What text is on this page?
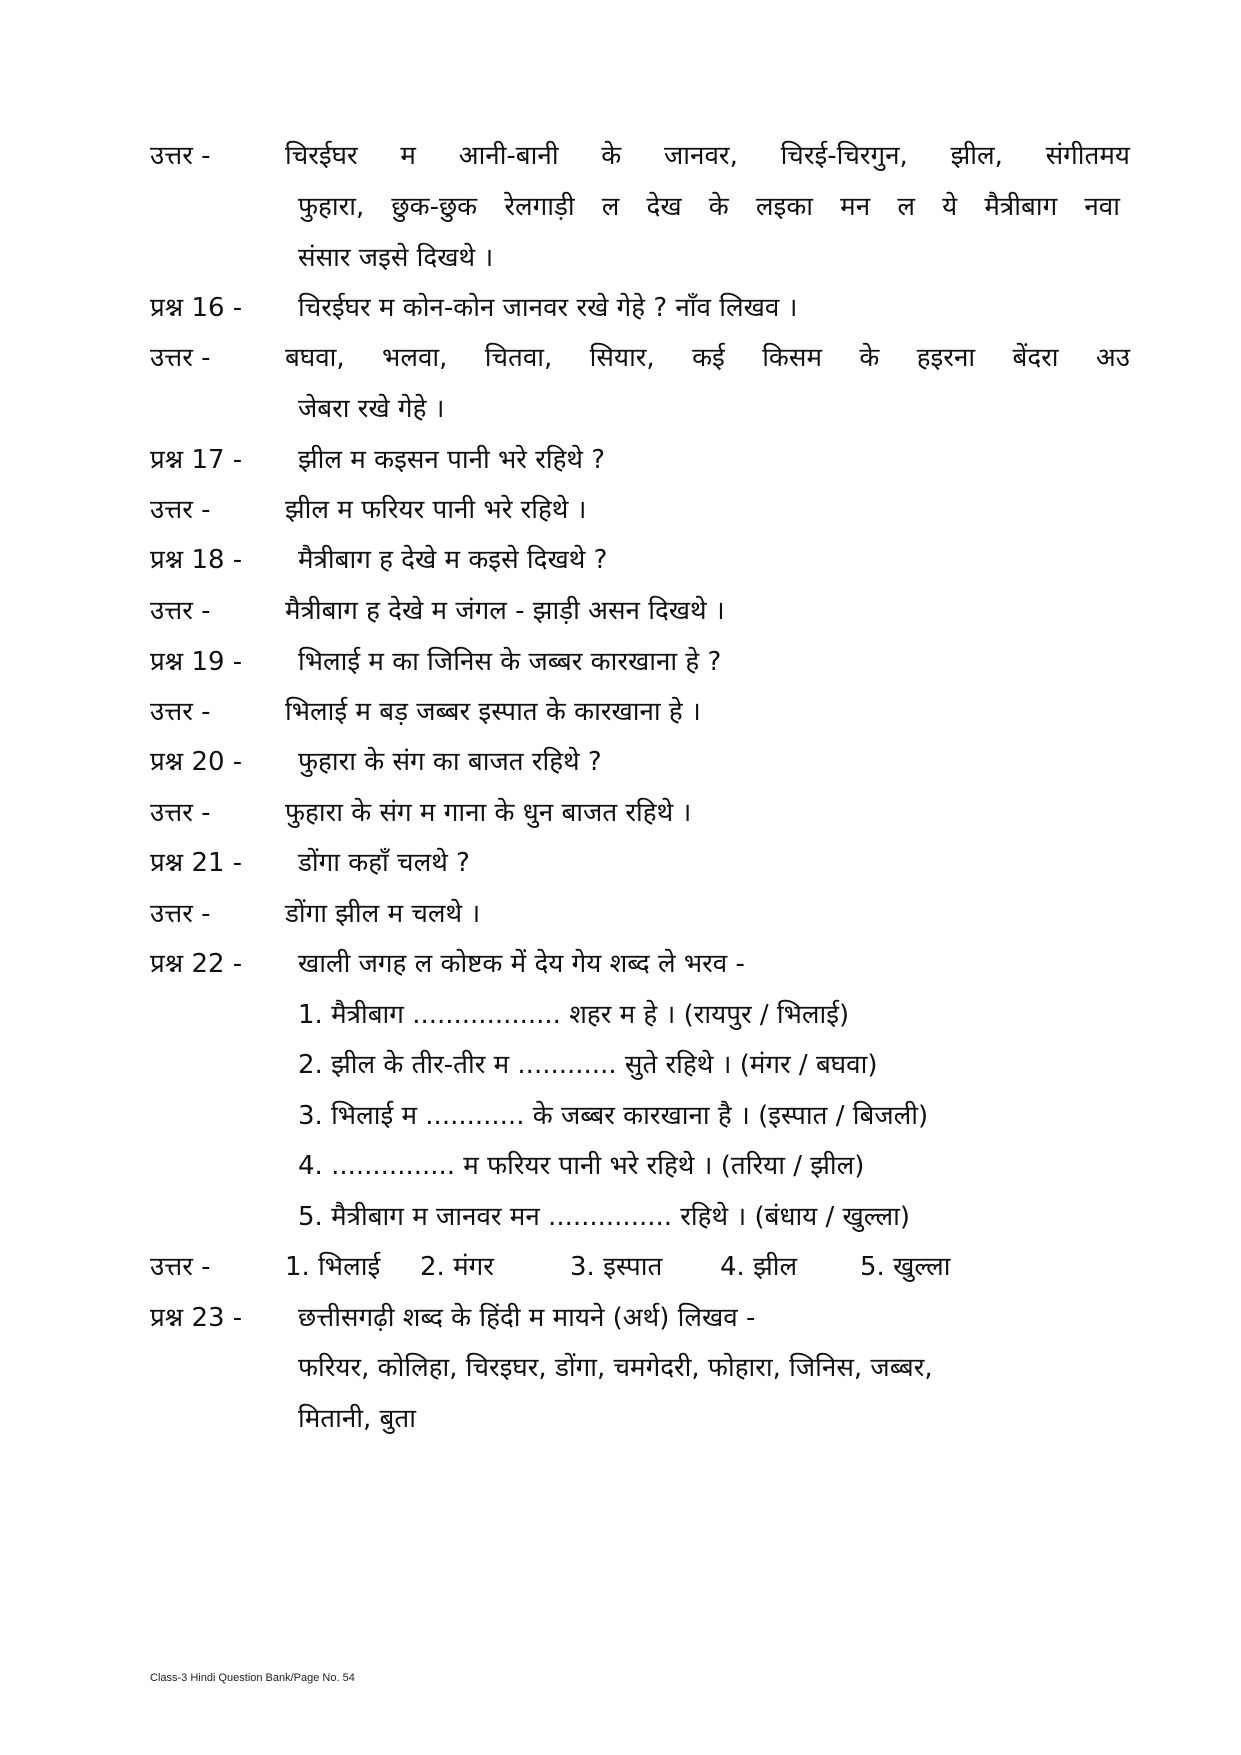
उत्तर -	चिरईघर म आनी-बानी के जानवर, चिरई-चिरगुन, झील, संगीतमय
फुहारा, छुक-छुक रेलगाड़ी ल देख के लइका मन ल ये मैत्रीबाग नवा
संसार जइसे दिखथे ।
प्रश्न 16 -	चिरईघर म कोन-कोन जानवर रखे गेहे ? नाँव लिखव ।
उत्तर -	बघवा, भलवा, चितवा, सियार, कई किसम के हइरना बेंदरा अउ
जेबरा रखे गेहे ।
प्रश्न 17 -	झील म कइसन पानी भरे रहिथे ?
उत्तर -	झील म फरियर पानी भरे रहिथे ।
प्रश्न 18 -	मैत्रीबाग ह देखे म कइसे दिखथे ?
उत्तर -	मैत्रीबाग ह देखे म जंगल - झाड़ी असन दिखथे ।
प्रश्न 19 -	भिलाई म का जिनिस के जब्बर कारखाना हे ?
उत्तर -	भिलाई म बड़ जब्बर इस्पात के कारखाना हे ।
प्रश्न 20 -	फुहारा के संग का बाजत रहिथे ?
उत्तर -	फुहारा के संग म गाना के धुन बाजत रहिथे ।
प्रश्न 21 -	डोंगा कहाँ चलथे ?
उत्तर -	डोंगा झील म चलथे ।
प्रश्न 22 -	खाली जगह ल कोष्टक में देय गेय शब्द ले भरव -
1. मैत्रीबाग .................. शहर म हे । (रायपुर / भिलाई)
2. झील के तीर-तीर म ............ सुते रहिथे । (मंगर / बघवा)
3. भिलाई म ............ के जब्बर कारखाना है । (इस्पात / बिजली)
4. ............... म फरियर पानी भरे रहिथे । (तरिया / झील)
5. मैत्रीबाग म जानवर मन ............... रहिथे । (बंधाय / खुल्ला)
उत्तर -	1. भिलाई 2. मंगर	3. इस्पात 4. झील 5. खुल्ला
प्रश्न 23 -	छत्तीसगढ़ी शब्द के हिंदी म मायने (अर्थ) लिखव -
फरियर, कोलिहा, चिरइघर, डोंगा, चमगेदरी, फोहारा, जिनिस, जब्बर,
मितानी, बुता
Class-3 Hindi Question Bank/Page No. 54
